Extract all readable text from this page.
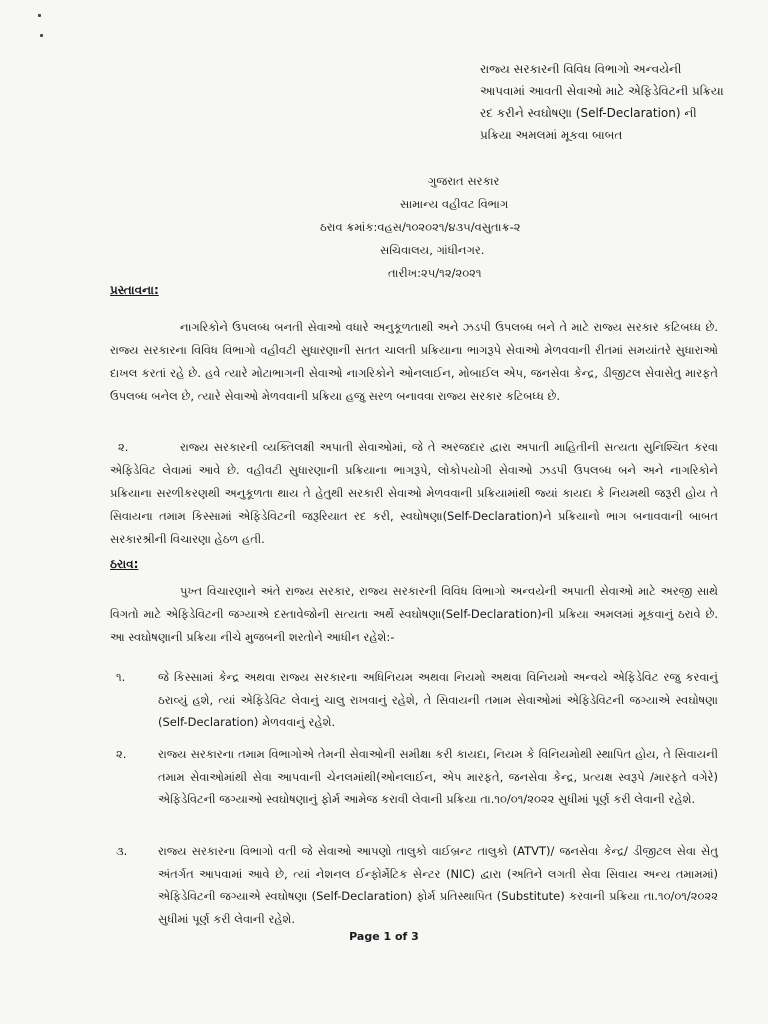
રાજ્ય સરકારની વિવિધ વિભાગો અન્વયેની આપવામાં આવતી સેવાઓ માટે એફિડેવિટની પ્રક્રિયા રદ કરીને સ્વઘોષણા (Self-Declaration) ની પ્રક્રિયા અમલમાં મૂકવા બાબત
ગુજરાત સરકાર
સામાન્ય વહીવટ વિભાગ
ઠરાવ ક્રમાંક:વહસ/૧૦૨૦૨૧/૪૩૫/વસુતાક્ર-૨
સચિવાલય, ગાંધીનગર.
તારીખ:૨૫/૧૨/૨૦૨૧
પ્રસ્તાવના:
નાગરિકોને ઉપલબ્ધ બનતી સેવાઓ વધારે અનુકૂળતાથી અને ઝડપી ઉપલબ્ધ બને તે માટે રાજ્ય સરકાર કટિબધ્ધ છે. રાજ્ય સરકારના વિવિધ વિભાગો વહીવટી સુધારણાની સતત ચાલતી પ્રક્રિયાના ભાગરૂપે સેવાઓ મેળવવાની રીતમાં સમયાંતરે સુધારાઓ દાખલ કરતાં રહે છે. હવે ત્યારે મોટાભાગની સેવાઓ નાગરિકોને ઓનલાઈન, મોબાઈલ એપ, જનસેવા કેન્દ્ર, ડીજીટલ સેવાસેતુ મારફતે ઉપલબ્ધ બનેલ છે, ત્યારે સેવાઓ મેળવવાની પ્રક્રિયા હજુ સરળ બનાવવા રાજ્ય સરકાર કટિબધ્ધ છે.
૨.	રાજ્ય સરકારની વ્યક્તિલક્ષી અપાતી સેવાઓમાં, જે તે અરજદાર દ્વારા અપાતી માહિતીની સત્યતા સુનિશ્ચિત કરવા એફિડેવિટ લેવામાં આવે છે. વહીવટી સુધારણાની પ્રક્રિયાના ભાગરૂપે, લોકોપયોગી સેવાઓ ઝડપી ઉપલબ્ધ બને અને નાગરિકોને પ્રક્રિયાના સરળીકરણથી અનુકૂળતા થાય તે હેતુથી સરકારી સેવાઓ મેળવવાની પ્રક્રિયામાંથી જ્યાં કાયદા કે નિયમથી જરૂરી હોય તે સિવાયના તમામ કિસ્સામાં એફિડેવિટની જરૂરિયાત રદ કરી, સ્વઘોષણા(Self-Declaration)ને પ્રક્રિયાનો ભાગ બનાવવાની બાબત સરકારશ્રીની વિચારણા હેઠળ હતી.
ઠરાવ:
પુખ્ત વિચારણાને અંતે રાજ્ય સરકાર, રાજ્ય સરકારની વિવિધ વિભાગો અન્વયેની અપાતી સેવાઓ માટે અરજી સાથે વિગતો માટે એફિડેવિટની જગ્યાએ દસ્તાવેજોની સત્યતા અર્થે સ્વઘોષણા(Self-Declaration)ની પ્રક્રિયા અમલમાં મૂકવાનું ઠરાવે છે. આ સ્વઘોષણાની પ્રક્રિયા નીચે મુજબની શરતોને આધીન રહેશે:-
૧.	જે કિસ્સામાં કેન્દ્ર અથવા રાજ્ય સરકારના અધિનિયમ અથવા નિયમો અથવા વિનિયમો અન્વયે એફિડેવિટ રજુ કરવાનું ઠરાવ્યું હશે, ત્યાં એફિડેવિટ લેવાનું ચાલુ રાખવાનું રહેશે, તે સિવાયની તમામ સેવાઓમાં એફિડેવિટની જગ્યાએ સ્વઘોષણા (Self-Declaration) મેળવવાનું રહેશે.
૨.	રાજ્ય સરકારના તમામ વિભાગોએ તેમની સેવાઓની સમીક્ષા કરી કાયદા, નિયમ કે વિનિયમોથી સ્થાપિત હોય, તે સિવાયની તમામ સેવાઓમાંથી સેવા આપવાની ચેનલમાંથી(ઓનલાઈન, એપ મારફતે, જનસેવા કેન્દ્ર, પ્રત્યક્ષ સ્વરૂપે /મારફતે વગેરે) એફિડેવિટની જગ્યાઓ સ્વઘોષણાનું ફોર્મ આમેજ કરાવી લેવાની પ્રક્રિયા તા.૧૦/૦૧/૨૦૨૨ સુધીમાં પૂર્ણ કરી લેવાની રહેશે.
૩.	રાજ્ય સરકારના વિભાગો વતી જે સેવાઓ આપણો તાલુકો વાઈબ્રન્ટ તાલુકો (ATVT)/ જનસેવા કેન્દ્ર/ ડીજીટલ સેવા સેતુ અંતર્ગત આપવામાં આવે છે, ત્યાં નેશનલ ઈન્ફોર્મેટિક સેન્ટર (NIC) દ્વારા (અતિને લગતી સેવા સિવાય અન્ય તમામમાં) એફિડેવિટની જગ્યાએ સ્વઘોષણા (Self-Declaration) ફોર્મ પ્રતિસ્થાપિત (Substitute) કરવાની પ્રક્રિયા તા.૧૦/૦૧/૨૦૨૨ સુધીમાં પૂર્ણ કરી લેવાની રહેશે.
Page 1 of 3
